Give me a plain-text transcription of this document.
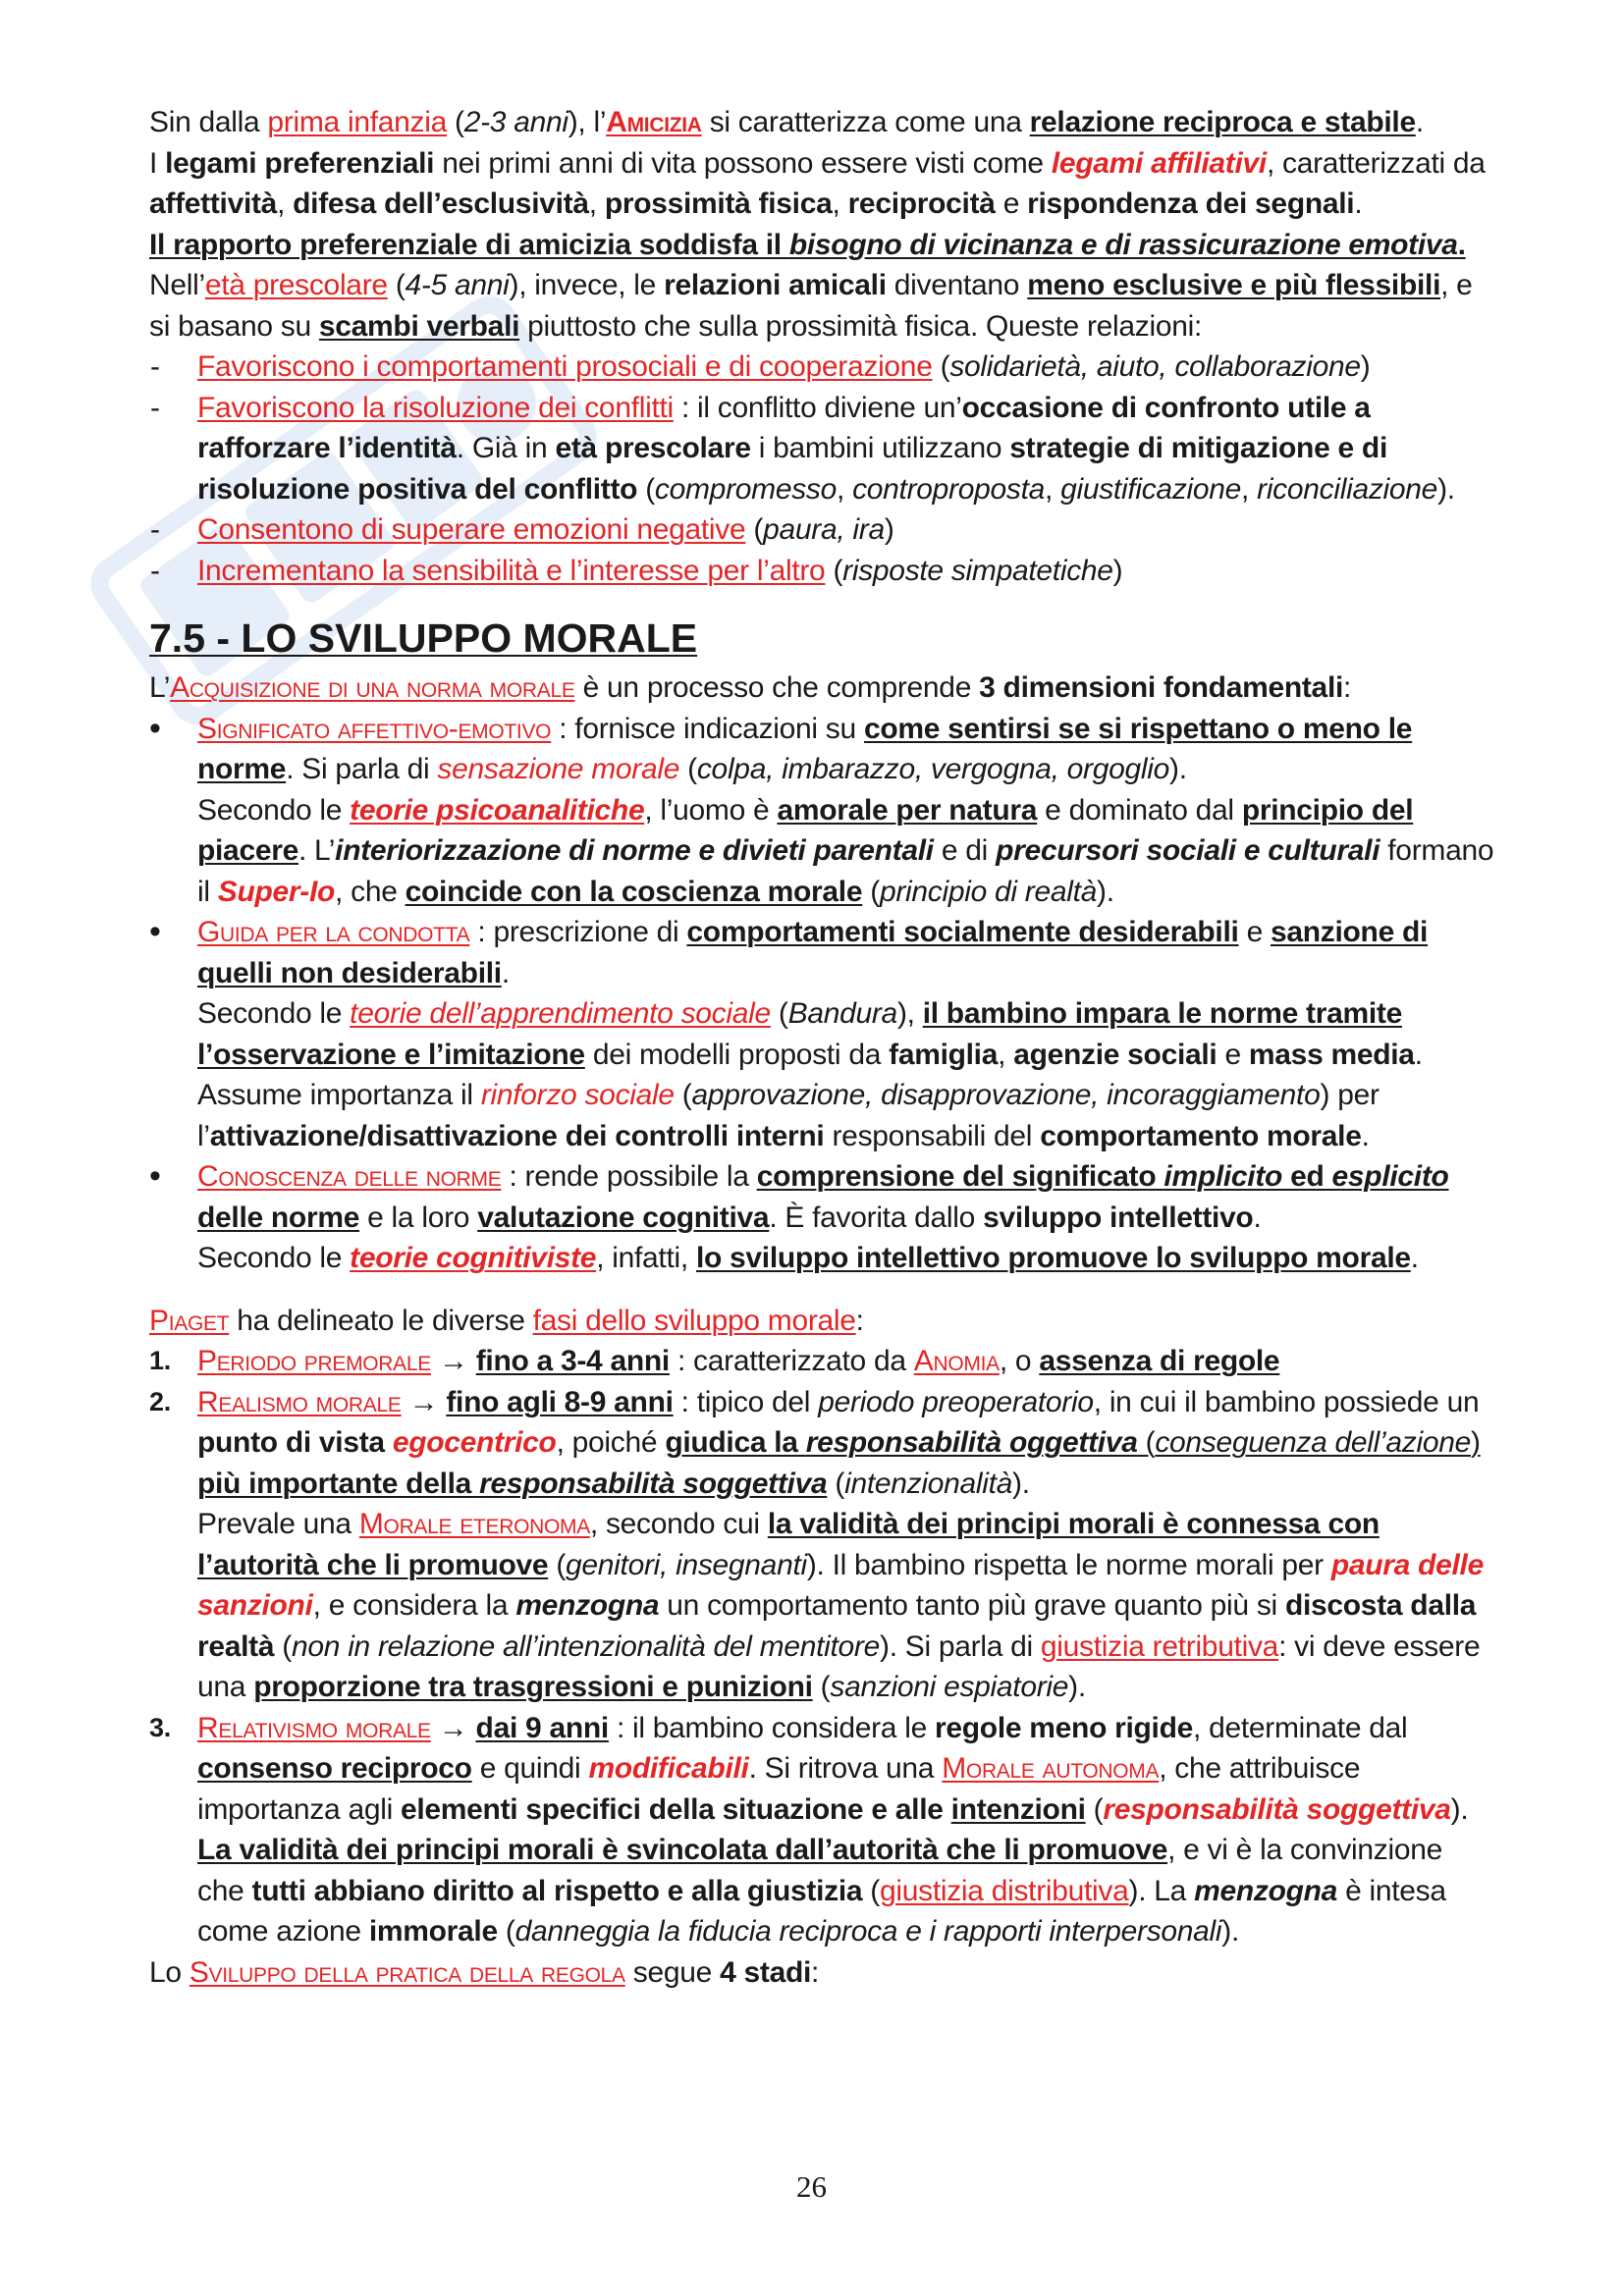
Sin dalla prima infanzia (2-3 anni), l’Amicizia si caratterizza come una relazione reciproca e stabile.

I legami preferenziali nei primi anni di vita possono essere visti come legami affiliativi, caratterizzati da affettività, difesa dell’esclusività, prossimità fisica, reciprocità e rispondenza dei segnali.

Il rapporto preferenziale di amicizia soddisfa il bisogno di vicinanza e di rassicurazione emotiva.

Nell’età prescolare (4-5 anni), invece, le relazioni amicali diventano meno esclusive e più flessibili, e si basano su scambi verbali piuttosto che sulla prossimità fisica. Queste relazioni:

- Favoriscono i comportamenti prosociali e di cooperazione (solidarietà, aiuto, collaborazione)
- Favoriscono la risoluzione dei conflitti : il conflitto diviene un’occasione di confronto utile a rafforzare l’identità. Già in età prescolare i bambini utilizzano strategie di mitigazione e di risoluzione positiva del conflitto (compromesso, controproposta, giustificazione, riconciliazione).
- Consentono di superare emozioni negative (paura, ira)
- Incrementano la sensibilità e l’interesse per l’altro (risposte simpatetiche)
7.5 - LO SVILUPPO MORALE

L’Acquisizione di una norma morale è un processo che comprende 3 dimensioni fondamentali:

• Significato affettivo-emotivo : fornisce indicazioni su come sentirsi se si rispettano o meno le norme. Si parla di sensazione morale (colpa, imbarazzo, vergogna, orgoglio).
Secondo le teorie psicoanalitiche, l’uomo è amorale per natura e dominato dal principio del piacere. L’interiorizzazione di norme e divieti parentali e di precursori sociali e culturali formano il Super-Io, che coincide con la coscienza morale (principio di realtà).
• Guida per la condotta : prescrizione di comportamenti socialmente desiderabili e sanzione di quelli non desiderabili.
Secondo le teorie dell’apprendimento sociale (Bandura), il bambino impara le norme tramite l’osservazione e l’imitazione dei modelli proposti da famiglia, agenzie sociali e mass media.
Assume importanza il rinforzo sociale (approvazione, disapprovazione, incoraggiamento) per l’attivazione/disattivazione dei controlli interni responsabili del comportamento morale.
• Conoscenza delle norme : rende possibile la comprensione del significato implicito ed esplicito delle norme e la loro valutazione cognitiva. È favorita dallo sviluppo intellettivo.
Secondo le teorie cognitiviste, infatti, lo sviluppo intellettivo promuove lo sviluppo morale.

Piaget ha delineato le diverse fasi dello sviluppo morale:

1. Periodo premorale → fino a 3-4 anni : caratterizzato da Anomia, o assenza di regole
2. Realismo morale → fino agli 8-9 anni : tipico del periodo preoperatorio, in cui il bambino possiede un punto di vista egocentrico, poiché giudica la responsabilità oggettiva (conseguenza dell’azione) più importante della responsabilità soggettiva (intenzionalità).
Prevale una Morale eteronoma, secondo cui la validità dei principi morali è connessa con l’autorità che li promuove (genitori, insegnanti). Il bambino rispetta le norme morali per paura delle sanzioni, e considera la menzogna un comportamento tanto più grave quanto più si discosta dalla realtà (non in relazione all’intenzionalità del mentitore). Si parla di giustizia retributiva: vi deve essere una proporzione tra trasgressioni e punizioni (sanzioni espiatorie).
3. Relativismo morale → dai 9 anni : il bambino considera le regole meno rigide, determinate dal consenso reciproco e quindi modificabili. Si ritrova una Morale autonoma, che attribuisce importanza agli elementi specifici della situazione e alle intenzioni (responsabilità soggettiva). La validità dei principi morali è svincolata dall’autorità che li promuove, e vi è la convinzione che tutti abbiano diritto al rispetto e alla giustizia (giustizia distributiva). La menzogna è intesa come azione immorale (danneggia la fiducia reciproca e i rapporti interpersonali).

Lo Sviluppo della pratica della regola segue 4 stadi:

26
